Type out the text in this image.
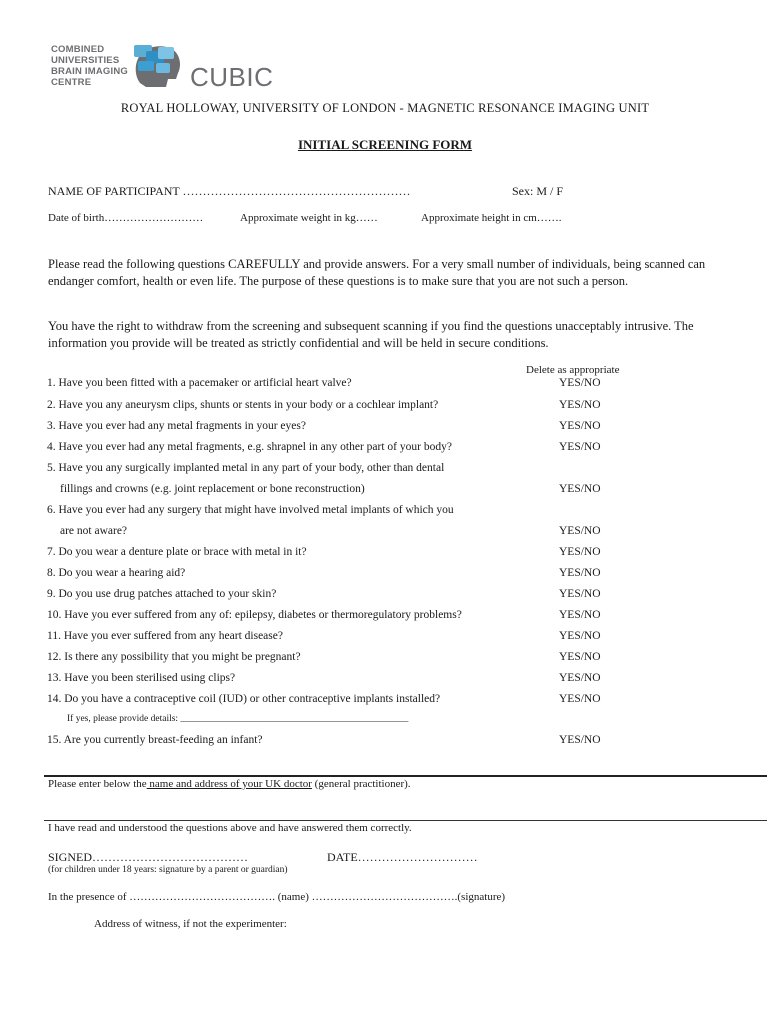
COMBINED
UNIVERSITIES
BRAIN IMAGING
CENTRE	CUBIC
ROYAL HOLLOWAY, UNIVERSITY OF LONDON - MAGNETIC RESONANCE IMAGING UNIT
INITIAL SCREENING FORM
NAME OF PARTICIPANT …………………………………………………	Sex: M / F
Date of birth………………………	Approximate weight in kg……	Approximate height in cm…….
Please read the following questions CAREFULLY and provide answers. For a very small number of individuals, being scanned can endanger comfort, health or even life. The purpose of these questions is to make sure that you are not such a person.
You have the right to withdraw from the screening and subsequent scanning if you find the questions unacceptably intrusive. The information you provide will be treated as strictly confidential and will be held in secure conditions.
Delete as appropriate
1. Have you been fitted with a pacemaker or artificial heart valve?	YES/NO
2. Have you any aneurysm clips, shunts or stents in your body or a cochlear implant?	YES/NO
3. Have you ever had any metal fragments in your eyes?	YES/NO
4. Have you ever had any metal fragments, e.g. shrapnel in any other part of your body?	YES/NO
5. Have you any surgically implanted metal in any part of your body, other than dental
fillings and crowns (e.g. joint replacement or bone reconstruction)	YES/NO
6. Have you ever had any surgery that might have involved metal implants of which you
are not aware?	YES/NO
7. Do you wear a denture plate or brace with metal in it?	YES/NO
8. Do you wear a hearing aid?	YES/NO
9. Do you use drug patches attached to your skin?	YES/NO
10. Have you ever suffered from any of: epilepsy, diabetes or thermoregulatory problems?	YES/NO
11. Have you ever suffered from any heart disease?	YES/NO
12. Is there any possibility that you might be pregnant?	YES/NO
13. Have you been sterilised using clips?	YES/NO
14. Do you have a contraceptive coil (IUD) or other contraceptive implants installed?	YES/NO
If yes, please provide details: ________________________________________________
15. Are you currently breast-feeding an infant?	YES/NO
Please enter below the name and address of your UK doctor (general practitioner).
I have read and understood the questions above and have answered them correctly.
SIGNED…………………………………	DATE…………………………
(for children under 18 years: signature by a parent or guardian)
In the presence of …………………………………. (name) ………………………………….(signature)
Address of witness, if not the experimenter:
